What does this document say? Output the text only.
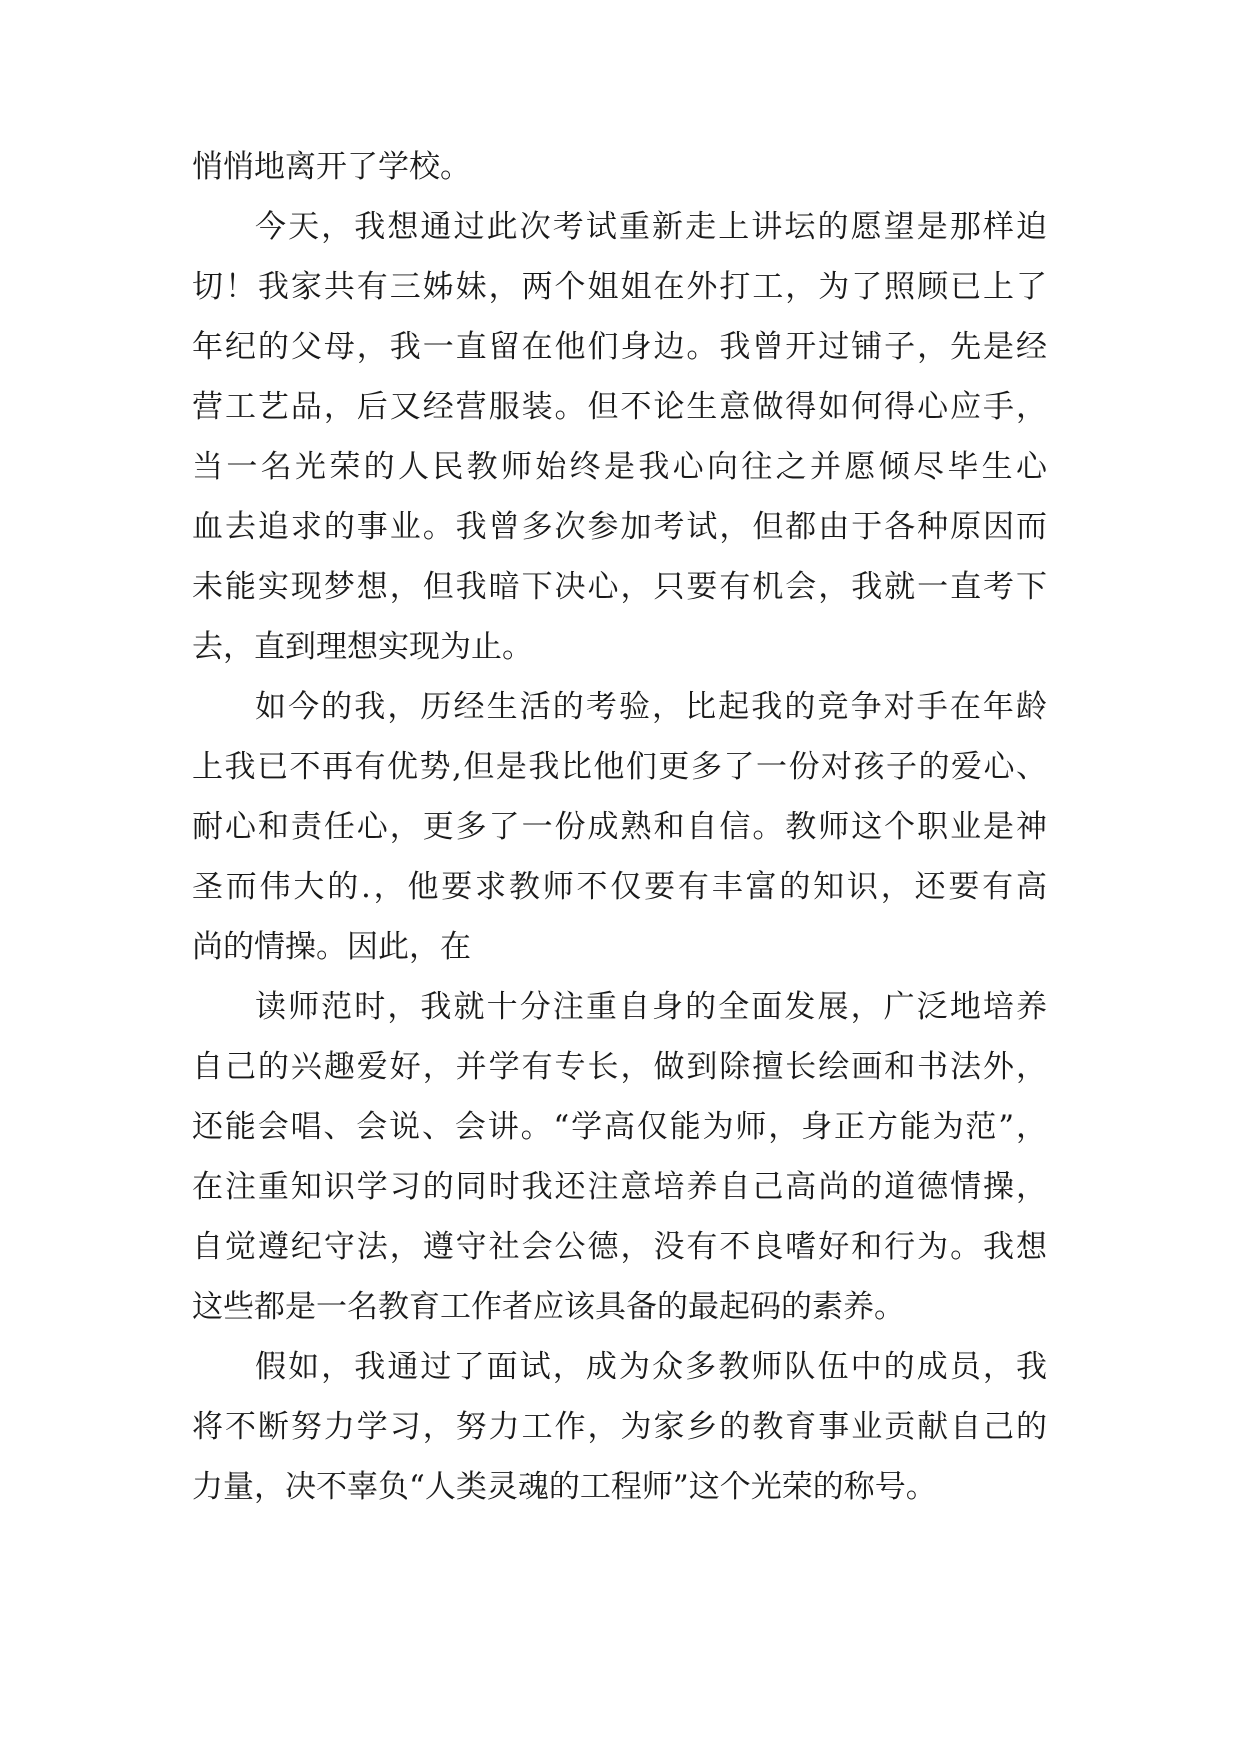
悄悄地离开了学校。
今天，我想通过此次考试重新走上讲坛的愿望是那样迫
切！我家共有三姊妹，两个姐姐在外打工，为了照顾已上了
年纪的父母，我一直留在他们身边。我曾开过铺子，先是经
营工艺品，后又经营服装。但不论生意做得如何得心应手，
当一名光荣的人民教师始终是我心向往之并愿倾尽毕生心
血去追求的事业。我曾多次参加考试，但都由于各种原因而
未能实现梦想，但我暗下决心，只要有机会，我就一直考下
去，直到理想实现为止。
如今的我，历经生活的考验，比起我的竞争对手在年龄
上我已不再有优势,但是我比他们更多了一份对孩子的爱心、
耐心和责任心，更多了一份成熟和自信。教师这个职业是神
圣而伟大的.，他要求教师不仅要有丰富的知识，还要有高
尚的情操。因此，在
读师范时，我就十分注重自身的全面发展，广泛地培养
自己的兴趣爱好，并学有专长，做到除擅长绘画和书法外，
还能会唱、会说、会讲。“学高仅能为师，身正方能为范”，
在注重知识学习的同时我还注意培养自己高尚的道德情操，
自觉遵纪守法，遵守社会公德，没有不良嗜好和行为。我想
这些都是一名教育工作者应该具备的最起码的素养。
假如，我通过了面试，成为众多教师队伍中的成员，我
将不断努力学习，努力工作，为家乡的教育事业贡献自己的
力量，决不辜负“人类灵魂的工程师”这个光荣的称号。
